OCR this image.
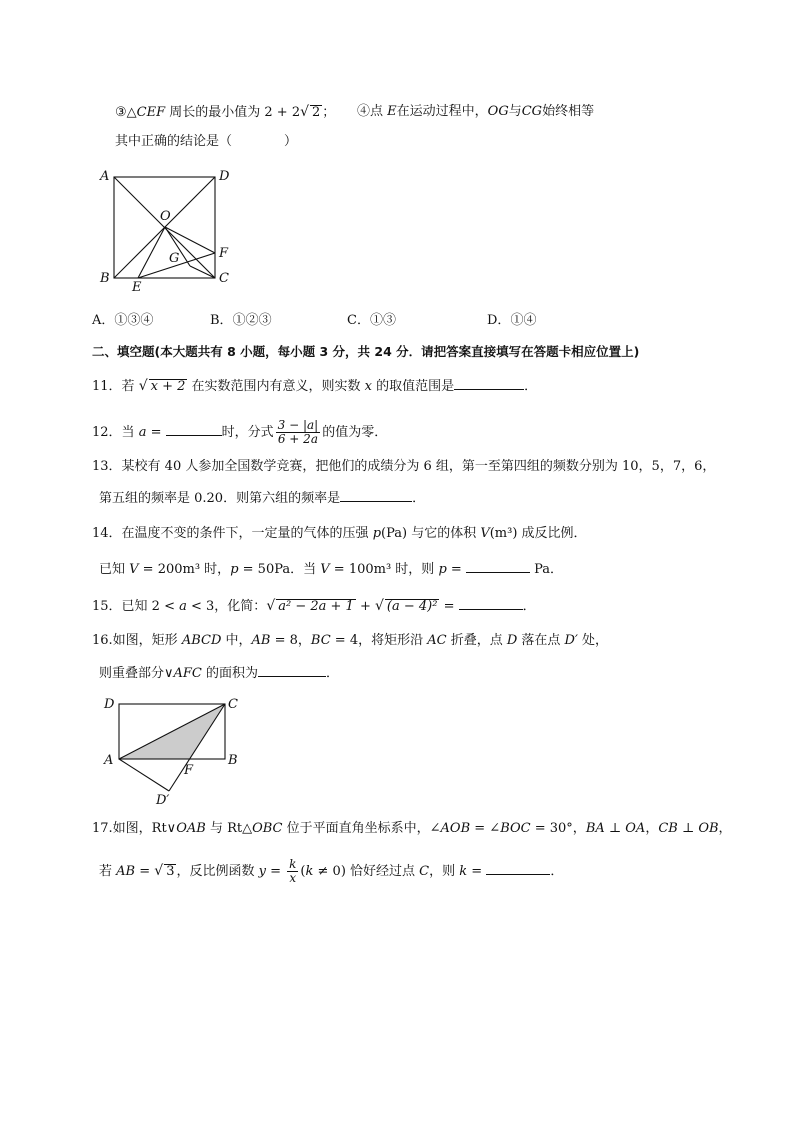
③△CEF 周长的最小值为 2 + 2√ 2 ； ④点 E在运动过程中，OG与CG始终相等
其中正确的结论是（　　　　）
A	D
O
G	F
B
E
C
A．①③④	B．①②③	C．①③	D．①④
二、填空题(本大题共有 8 小题，每小题 3 分，共 24 分．请把答案直接填写在答题卡相应位置上)
11．若 √ x + 2 在实数范围内有意义，则实数 x 的取值范围是	．
12．当 a =	时，分式 $\frac{3 - |a|}{6 + 2a}$ 的值为零．
13．某校有 40 人参加全国数学竞赛，把他们的成绩分为 6 组，第一至第四组的频数分别为 10，5，7，6，
第五组的频率是 0.20．则第六组的频率是	．
14．在温度不变的条件下，一定量的气体的压强 p(Pa) 与它的体积 V(m³) 成反比例．
已知 V = 200m³ 时，p = 50Pa．当 V = 100m³ 时，则 p =	Pa．
15．已知 2 < a < 3，化简：√ a² − 2a + 1 + √ (a − 4)² =	．
16.如图，矩形 ABCD 中，AB = 8，BC = 4，将矩形沿 AC 折叠，点 D 落在点 D′ 处，
则重叠部分∨AFC 的面积为	．
D	C
A	B
F
D′
17.如图，Rt∨OAB 与 Rt△OBC 位于平面直角坐标系中，∠AOB = ∠BOC = 30°，BA ⊥ OA，CB ⊥ OB，
若 AB = √ 3 ，反比例函数 $y = \frac{k}{x} (k \ne 0)$ 恰好经过点 C，则 k =	．
